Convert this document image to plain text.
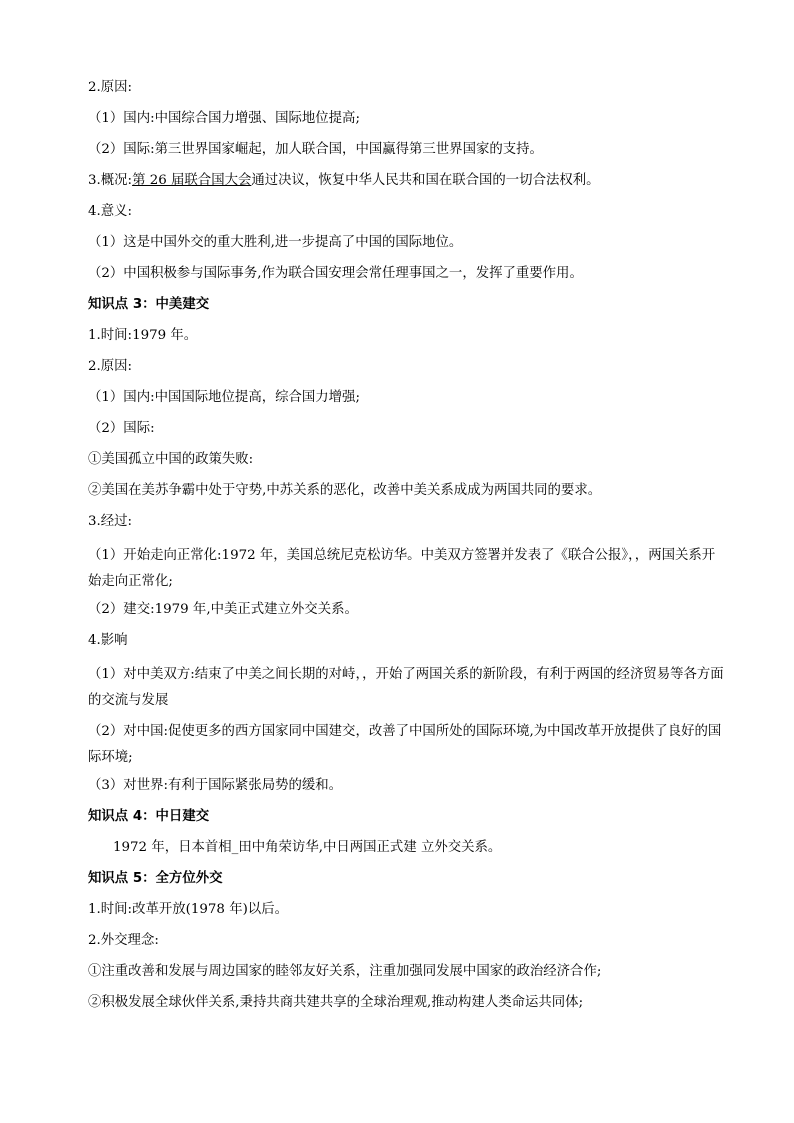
2.原因:
（1）国内:中国综合国力增强、国际地位提高;
（2）国际:第三世界国家崛起，加人联合国，中国赢得第三世界国家的支持。
3.概况:第 26 届联合国大会通过决议，恢复中华人民共和国在联合国的一切合法权利。
4.意义:
（1）这是中国外交的重大胜利,进一步提高了中国的国际地位。
（2）中国积极参与国际事务,作为联合国安理会常任理事国之一，发挥了重要作用。
知识点 3：中美建交
1.时间:1979 年。
2.原因:
（1）国内:中国国际地位提高，综合国力增强;
（2）国际:
①美国孤立中国的政策失败:
②美国在美苏争霸中处于守势,中苏关系的恶化，改善中美关系成成为两国共同的要求。
3.经过:
（1）开始走向正常化:1972 年，美国总统尼克松访华。中美双方签署并发表了《联合公报》，，两国关系开始走向正常化;
（2）建交:1979 年,中美正式建立外交关系。
4.影响
（1）对中美双方:结束了中美之间长期的对峙，，开始了两国关系的新阶段，有利于两国的经济贸易等各方面的交流与发展
（2）对中国:促使更多的西方国家同中国建交，改善了中国所处的国际环境,为中国改革开放提供了良好的国际环境;
（3）对世界:有利于国际紧张局势的缓和。
知识点 4：中日建交
1972 年，日本首相_田中角荣访华,中日两国正式建 立外交关系。
知识点 5：全方位外交
1.时间:改革开放(1978 年)以后。
2.外交理念:
①注重改善和发展与周边国家的睦邻友好关系，注重加强同发展中国家的政治经济合作;
②积极发展全球伙伴关系,秉持共商共建共享的全球治理观,推动构建人类命运共同体;
